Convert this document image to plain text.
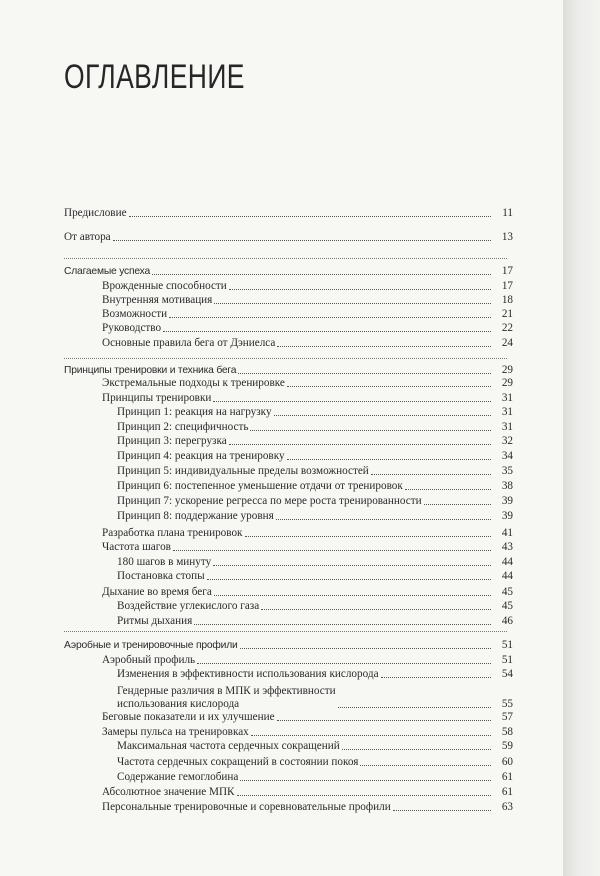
ОГЛАВЛЕНИЕ
Предисловие	11
От автора	13
Слагаемые успеха	17
Врожденные способности	17
Внутренняя мотивация	18
Возможности	21
Руководство	22
Основные правила бега от Дэниелса	24
Принципы тренировки и техника бега	29
Экстремальные подходы к тренировке	29
Принципы тренировки	31
Принцип 1: реакция на нагрузку	31
Принцип 2: специфичность	31
Принцип 3: перегрузка	32
Принцип 4: реакция на тренировку	34
Принцип 5: индивидуальные пределы возможностей	35
Принцип 6: постепенное уменьшение отдачи от тренировок	38
Принцип 7: ускорение регресса по мере роста тренированности	39
Принцип 8: поддержание уровня	39
Разработка плана тренировок	41
Частота шагов	43
180 шагов в минуту	44
Постановка стопы	44
Дыхание во время бега	45
Воздействие углекислого газа	45
Ритмы дыхания	46
Аэробные и тренировочные профили	51
Аэробный профиль	51
Изменения в эффективности использования кислорода	54
Гендерные различия в МПК и эффективности
использования кислорода	55
Беговые показатели и их улучшение	57
Замеры пульса на тренировках	58
Максимальная частота сердечных сокращений	59
Частота сердечных сокращений в состоянии покоя	60
Содержание гемоглобина	61
Абсолютное значение МПК	61
Персональные тренировочные и соревновательные профили	63
